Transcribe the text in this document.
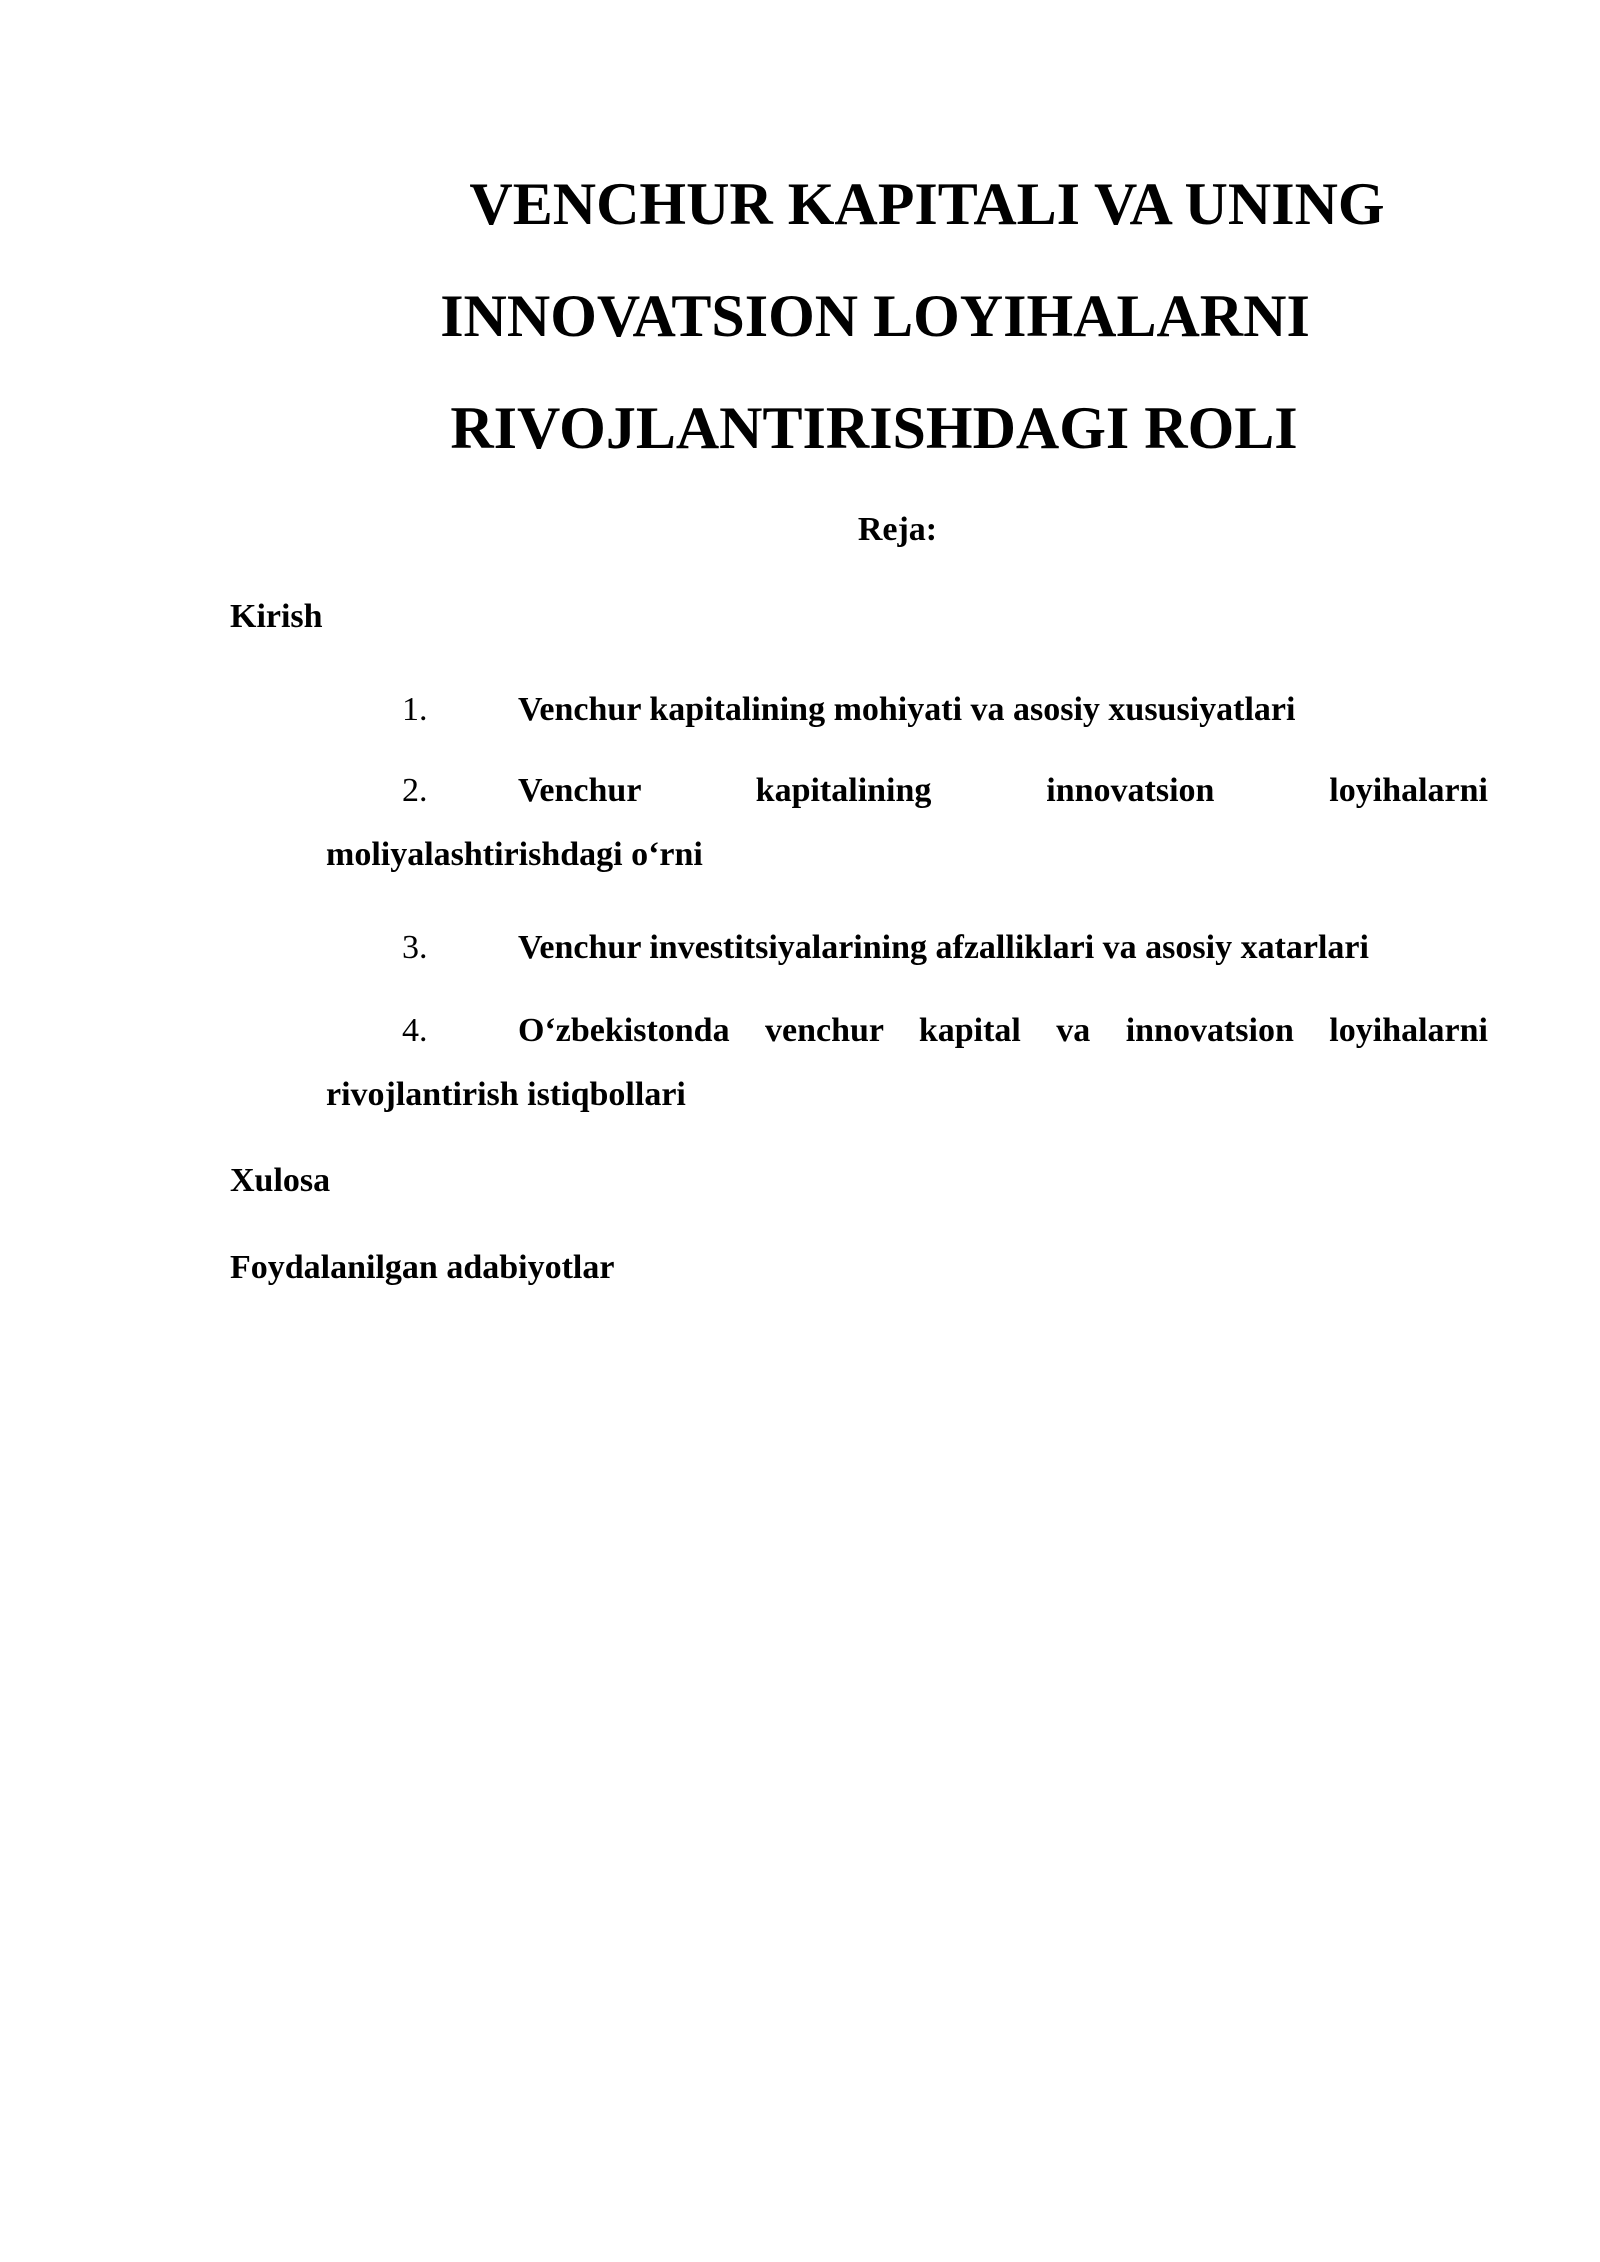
VENCHUR KAPITALI VA UNING
INNOVATSION LOYIHALARNI
RIVOJLANTIRISHDAGI ROLI
Reja:

Kirish

1.	Venchur kapitalining mohiyati va asosiy xususiyatlari

2.	Venchur kapitalining innovatsion loyihalarni
moliyalashtirishdagi o‘rni

3.	Venchur investitsiyalarining afzalliklari va asosiy xatarlari

4.	O‘zbekistonda venchur kapital va innovatsion loyihalarni
rivojlantirish istiqbollari

Xulosa

Foydalanilgan adabiyotlar
